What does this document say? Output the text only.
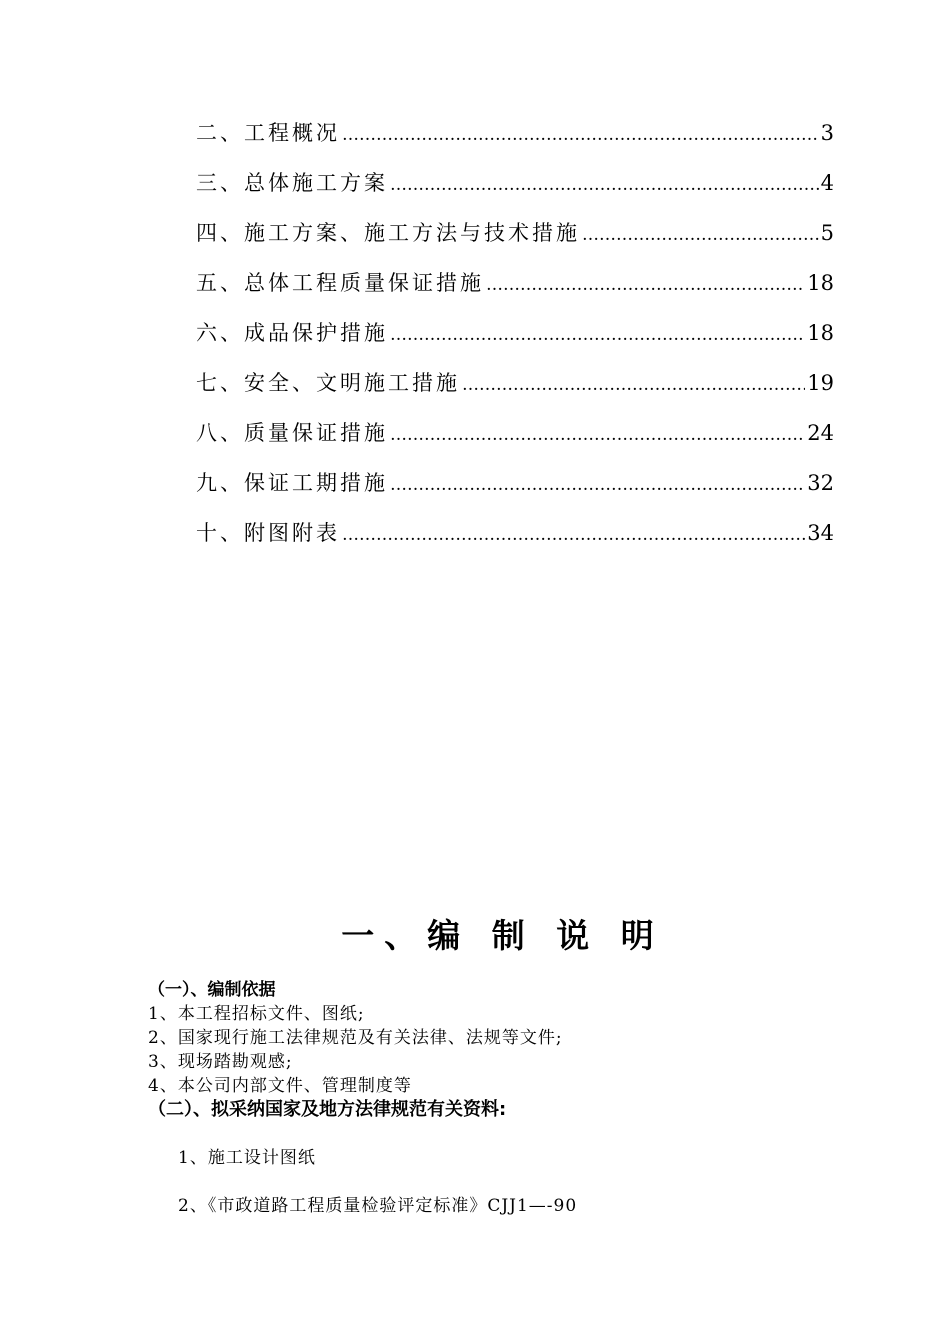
二、工程概况 ………………………………………………………………………………………………………………	3
三、总体施工方案 ………………………………………………………………………………………………………………	4
四、施工方案、施工方法与技术措施 ………………………………………………………………………………………………………………	5
五、总体工程质量保证措施 ………………………………………………………………………………………………………………	18
六、成品保护措施 ………………………………………………………………………………………………………………	18
七、安全、文明施工措施 ………………………………………………………………………………………………………………	19
八、质量保证措施 ………………………………………………………………………………………………………………	24
九、保证工期措施 ………………………………………………………………………………………………………………	32
十、附图附表 ………………………………………………………………………………………………………………	34
一、编 制 说 明
（一）、编制依据
1、本工程招标文件、图纸;
2、国家现行施工法律规范及有关法律、法规等文件;
3、现场踏勘观感;
4、本公司内部文件、管理制度等
（二）、拟采纳国家及地方法律规范有关资料:
1、施工设计图纸
2、《市政道路工程质量检验评定标准》CJJ1—-90
